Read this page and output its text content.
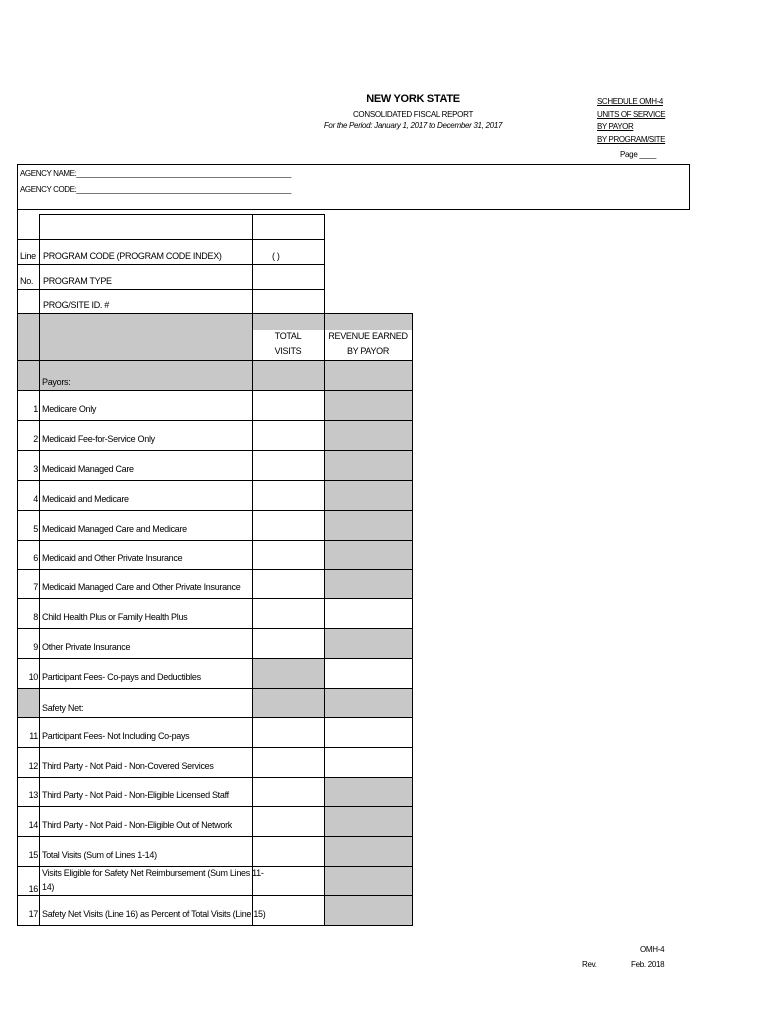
NEW YORK STATE
CONSOLIDATED FISCAL REPORT
For the Period: January 1, 2017 to December 31, 2017
SCHEDULE OMH-4
UNITS OF SERVICE
BY PAYOR
BY PROGRAM/SITE
Page ____
AGENCY NAME:_____________________________________________________
AGENCY CODE:_____________________________________________________
Line
No.
PROGRAM CODE (PROGRAM CODE INDEX)	( )
PROGRAM TYPE
PROG/SITE ID. #
TOTAL
VISITS
REVENUE EARNED
BY PAYOR
Payors:
Safety Net:
1 Medicare Only
2 Medicaid Fee-for-Service Only
3 Medicaid Managed Care
4 Medicaid and Medicare
5 Medicaid Managed Care and Medicare
6 Medicaid and Other Private Insurance
7 Medicaid Managed Care and Other Private Insurance
8 Child Health Plus or Family Health Plus
9 Other Private Insurance
10 Participant Fees- Co-pays and Deductibles
11 Participant Fees- Not Including Co-pays
12 Third Party - Not Paid - Non-Covered Services
13 Third Party - Not Paid - Non-Eligible Licensed Staff
14 Third Party - Not Paid - Non-Eligible Out of Network
15 Total Visits (Sum of Lines 1-14)
16
Visits Eligible for Safety Net Reimbursement (Sum Lines 11-
14)
17 Safety Net Visits (Line 16) as Percent of Total Visits (Line 15)
OMH-4
Rev.	Feb. 2018
